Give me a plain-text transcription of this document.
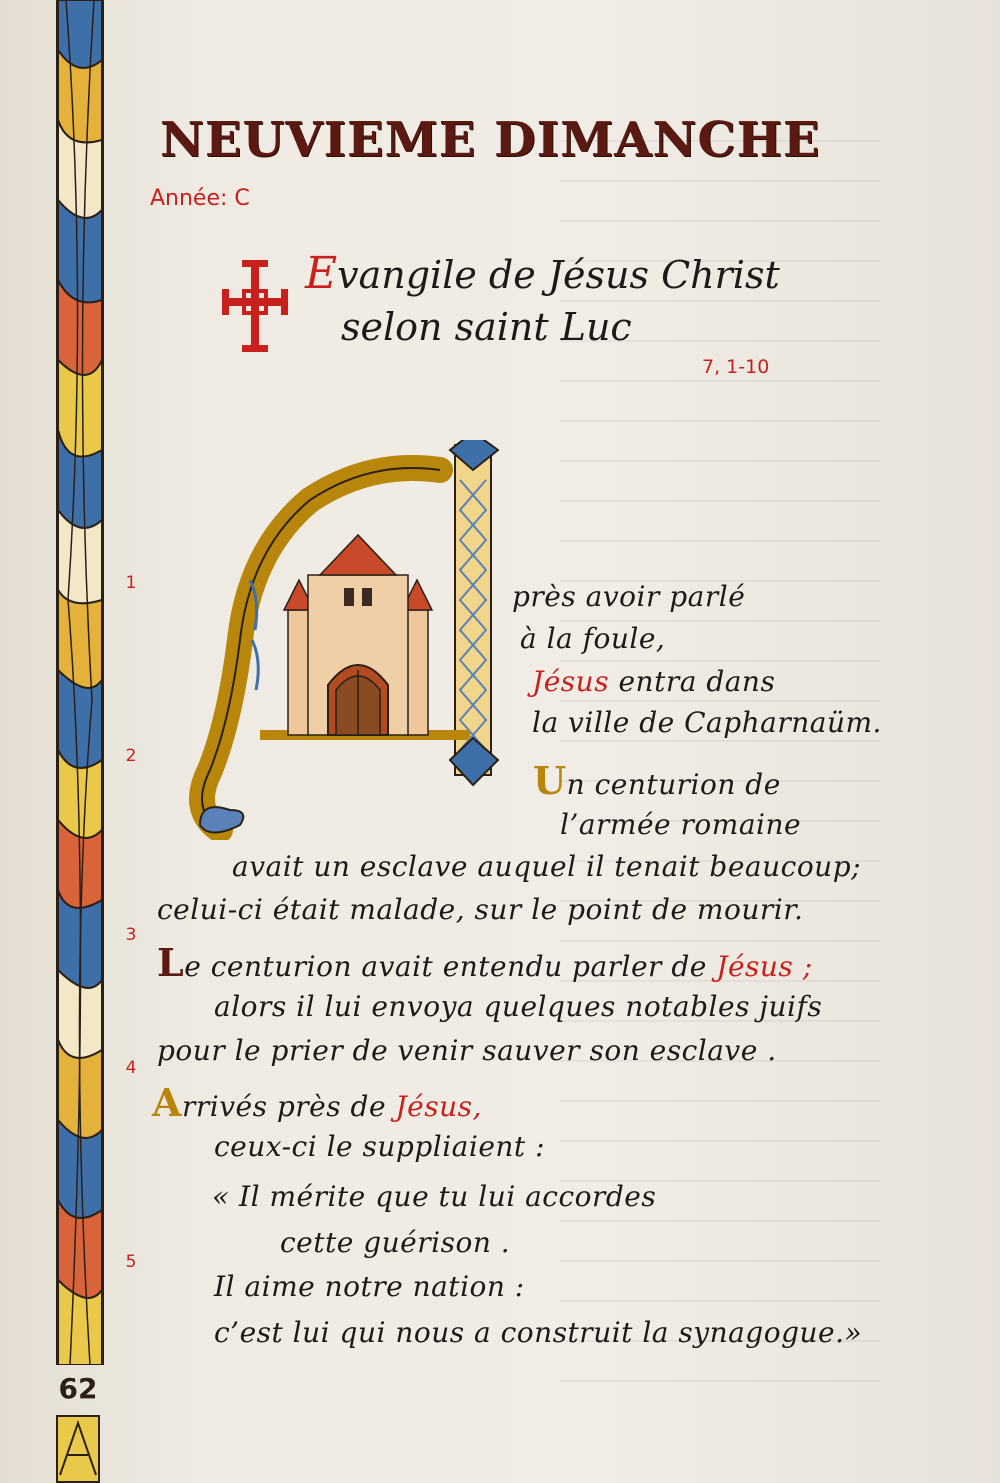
62
NEUVIEME DIMANCHE
Année: C
Evangile de Jésus Christ
selon saint Luc
7, 1-10
1
2
3
4
5
près avoir parlé
à la foule,
Jésus entra dans
la ville de Capharnaüm.
Un centurion de
l’armée romaine
avait un esclave auquel il tenait beaucoup;
celui-ci était malade, sur le point de mourir.
Le centurion avait entendu parler de Jésus ;
alors il lui envoya quelques notables juifs
pour le prier de venir sauver son esclave .
Arrivés près de Jésus,
ceux-ci le suppliaient :
« Il mérite que tu lui accordes
cette guérison .
Il aime notre nation :
c’est lui qui nous a construit la synagogue.»
